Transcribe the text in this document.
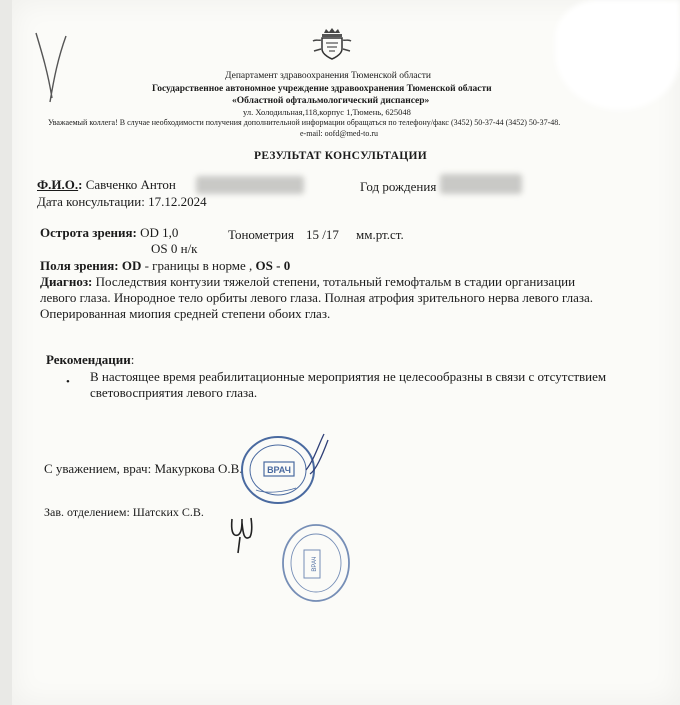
Департамент здравоохранения Тюменской области
Государственное автономное учреждение здравоохранения Тюменской области
«Областной офтальмологический диспансер»
ул. Холодильная,118,корпус 1,Тюмень, 625048
Уважаемый коллега! В случае необходимости получения дополнительной информации обращаться по телефону/факс (3452) 50-37-44 (3452) 50-37-48.
e-mail: oofd@med-to.ru
РЕЗУЛЬТАТ КОНСУЛЬТАЦИИ
Ф.И.О.: Савченко Антон	Год рождения
Дата консультации: 17.12.2024
Острота зрения: OD 1,0	Тонометрия 15 /17 мм.рт.ст.
OS 0 н/к
Поля зрения: OD - границы в норме , OS - 0
Диагноз: Последствия контузии тяжелой степени, тотальный гемофтальм в стадии организации
левого глаза. Инородное тело орбиты левого глаза. Полная атрофия зрительного нерва левого глаза.
Оперированная миопия средней степени обоих глаз.
Рекомендации:
• В настоящее время реабилитационные мероприятия не целесообразны в связи с отсутствием
световосприятия левого глаза.
С уважением, врач: Макуркова О.В.	ВРАЧ
Зав. отделением: Шатских С.В.
ВРАЧ
